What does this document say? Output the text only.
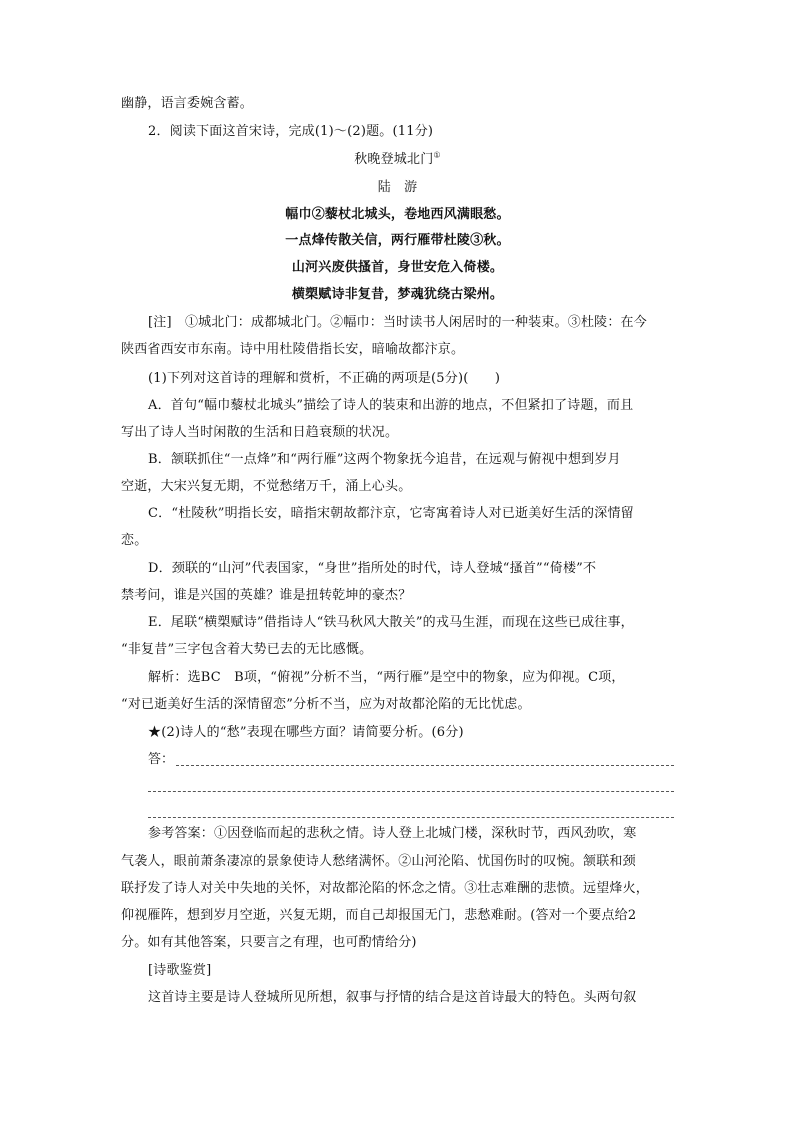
幽静，语言委婉含蓄。
2．阅读下面这首宋诗，完成(1)～(2)题。(11分)
秋晚登城北门①
陆　游
幅巾②藜杖北城头，卷地西风满眼愁。
一点烽传散关信，两行雁带杜陵③秋。
山河兴废供搔首，身世安危入倚楼。
横槊赋诗非复昔，梦魂犹绕古梁州。
[注]　①城北门：成都城北门。②幅巾：当时读书人闲居时的一种装束。③杜陵：在今
陕西省西安市东南。诗中用杜陵借指长安，暗喻故都汴京。
(1)下列对这首诗的理解和赏析，不正确的两项是(5分)(　　)
A．首句“幅巾藜杖北城头”描绘了诗人的装束和出游的地点，不但紧扣了诗题，而且
写出了诗人当时闲散的生活和日趋衰颓的状况。
B．颔联抓住“一点烽”和“两行雁”这两个物象抚今追昔，在远观与俯视中想到岁月
空逝，大宋兴复无期，不觉愁绪万千，涌上心头。
C．“杜陵秋”明指长安，暗指宋朝故都汴京，它寄寓着诗人对已逝美好生活的深情留
恋。
D．颈联的“山河”代表国家，“身世”指所处的时代，诗人登城“搔首”“倚楼”不
禁考问，谁是兴国的英雄？谁是扭转乾坤的豪杰？
E．尾联“横槊赋诗”借指诗人“铁马秋风大散关”的戎马生涯，而现在这些已成往事，
“非复昔”三字包含着大势已去的无比感慨。
解析：选BC　B项，“俯视”分析不当，“两行雁”是空中的物象，应为仰视。C项，
“对已逝美好生活的深情留恋”分析不当，应为对故都沦陷的无比忧虑。
★(2)诗人的“愁”表现在哪些方面？请简要分析。(6分)
答：
参考答案：①因登临而起的悲秋之情。诗人登上北城门楼，深秋时节，西风劲吹，寒
气袭人，眼前萧条凄凉的景象使诗人愁绪满怀。②山河沦陷、忧国伤时的叹惋。颔联和颈
联抒发了诗人对关中失地的关怀，对故都沦陷的怀念之情。③壮志难酬的悲愤。远望烽火，
仰视雁阵，想到岁月空逝，兴复无期，而自己却报国无门，悲愁难耐。(答对一个要点给2
分。如有其他答案，只要言之有理，也可酌情给分)
[诗歌鉴赏]
这首诗主要是诗人登城所见所想，叙事与抒情的结合是这首诗最大的特色。头两句叙
